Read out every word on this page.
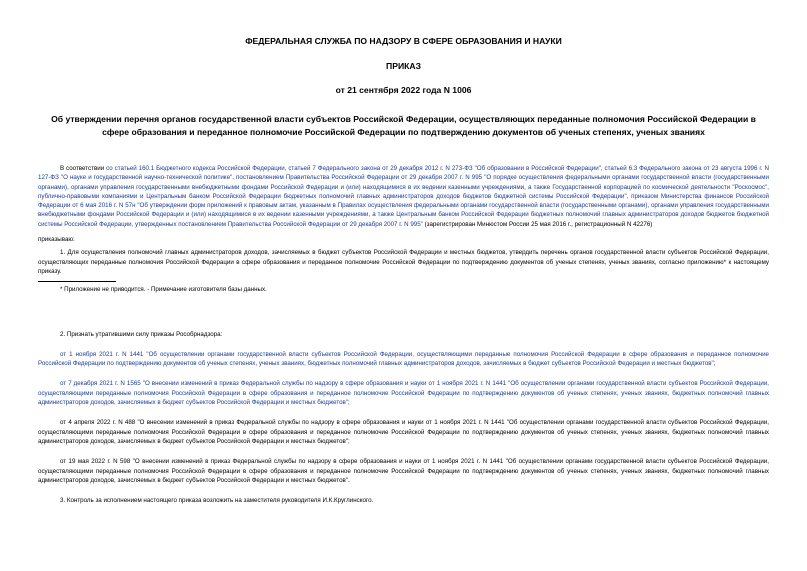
ФЕДЕРАЛЬНАЯ СЛУЖБА ПО НАДЗОРУ В СФЕРЕ ОБРАЗОВАНИЯ И НАУКИ
ПРИКАЗ
от 21 сентября 2022 года N 1006
Об утверждении перечня органов государственной власти субъектов Российской Федерации, осуществляющих переданные полномочия Российской Федерации в сфере образования и переданное полномочие Российской Федерации по подтверждению документов об ученых степенях, ученых званиях

В соответствии со статьей 160.1 Бюджетного кодекса Российской Федерации, статьей 7 Федерального закона от 29 декабря 2012 г. N 273-ФЗ "Об образовании в Российской Федерации", статьей 6.3 Федерального закона от 23 августа 1996 г. N 127-ФЗ "О науке и государственной научно-технической политике", постановлением Правительства Российской Федерации от 29 декабря 2007 г. N 995 "О порядке осуществления федеральными органами государственной власти (государственными органами), органами управления государственными внебюджетными фондами Российской Федерации и (или) находящимися в их ведении казенными учреждениями, а также Государственной корпорацией по космической деятельности "Роскосмос", публично-правовыми компаниями и Центральным банком Российской Федерации бюджетных полномочий главных администраторов доходов бюджетов бюджетной системы Российской Федерации", приказом Министерства финансов Российской Федерации от 6 мая 2016 г. N 57н "Об утверждении форм приложений к правовым актам, указанным в Правилах осуществления федеральными органами государственной власти (государственными органами), органами управления государственными внебюджетными фондами Российской Федерации и (или) находящимися в их ведении казенными учреждениями, а также Центральным банком Российской Федерации бюджетных полномочий главных администраторов доходов бюджетов бюджетной системы Российской Федерации, утвержденных постановлением Правительства Российской Федерации от 29 декабря 2007 г. N 995" (зарегистрирован Минюстом России 25 мая 2016 г., регистрационный N 42276)

приказываю:

1. Для осуществления полномочий главных администраторов доходов, зачисляемых в бюджет субъектов Российской Федерации и местных бюджетов, утвердить перечень органов государственной власти субъектов Российской Федерации, осуществляющих переданные полномочия Российской Федерации в сфере образования и переданное полномочие Российской Федерации по подтверждению документов об ученых степенях, ученых званиях, согласно приложению* к настоящему приказу.

* Приложение не приводится. - Примечание изготовителя базы данных.

2. Признать утратившими силу приказы Рособрнадзора:

от 1 ноября 2021 г. N 1441 "Об осуществлении органами государственной власти субъектов Российской Федерации, осуществляющими переданные полномочия Российской Федерации в сфере образования и переданное полномочие Российской Федерации по подтверждению документов об ученых степенях, ученых званиях, бюджетных полномочий главных администраторов доходов, зачисляемых в бюджет субъектов Российской Федерации и местных бюджетов";

от 7 декабря 2021 г. N 1565 "О внесении изменений в приказ Федеральной службы по надзору в сфере образования и науки от 1 ноября 2021 г. N 1441 "Об осуществлении органами государственной власти субъектов Российской Федерации, осуществляющими переданные полномочия Российской Федерации в сфере образования и переданное полномочие Российской Федерации по подтверждению документов об ученых степенях, ученых званиях, бюджетных полномочий главных администраторов доходов, зачисляемых в бюджет субъектов Российской Федерации и местных бюджетов";

от 4 апреля 2022 г. N 488 "О внесении изменений в приказ Федеральной службы по надзору в сфере образования и науки от 1 ноября 2021 г. N 1441 "Об осуществлении органами государственной власти субъектов Российской Федерации, осуществляющими переданные полномочия Российской Федерации в сфере образования и переданное полномочие Российской Федерации по подтверждению документов об ученых степенях, ученых званиях, бюджетных полномочий главных администраторов доходов, зачисляемых в бюджет субъектов Российской Федерации и местных бюджетов";

от 19 мая 2022 г. N 598 "О внесении изменений в приказ Федеральной службы по надзору в сфере образования и науки от 1 ноября 2021 г. N 1441 "Об осуществлении органами государственной власти субъектов Российской Федерации, осуществляющими переданные полномочия Российской Федерации в сфере образования и переданное полномочие Российской Федерации по подтверждению документов об ученых степенях, ученых званиях, бюджетных полномочий главных администраторов доходов, зачисляемых в бюджет субъектов Российской Федерации и местных бюджетов".

3. Контроль за исполнением настоящего приказа возложить на заместителя руководителя И.К.Круглинского.
